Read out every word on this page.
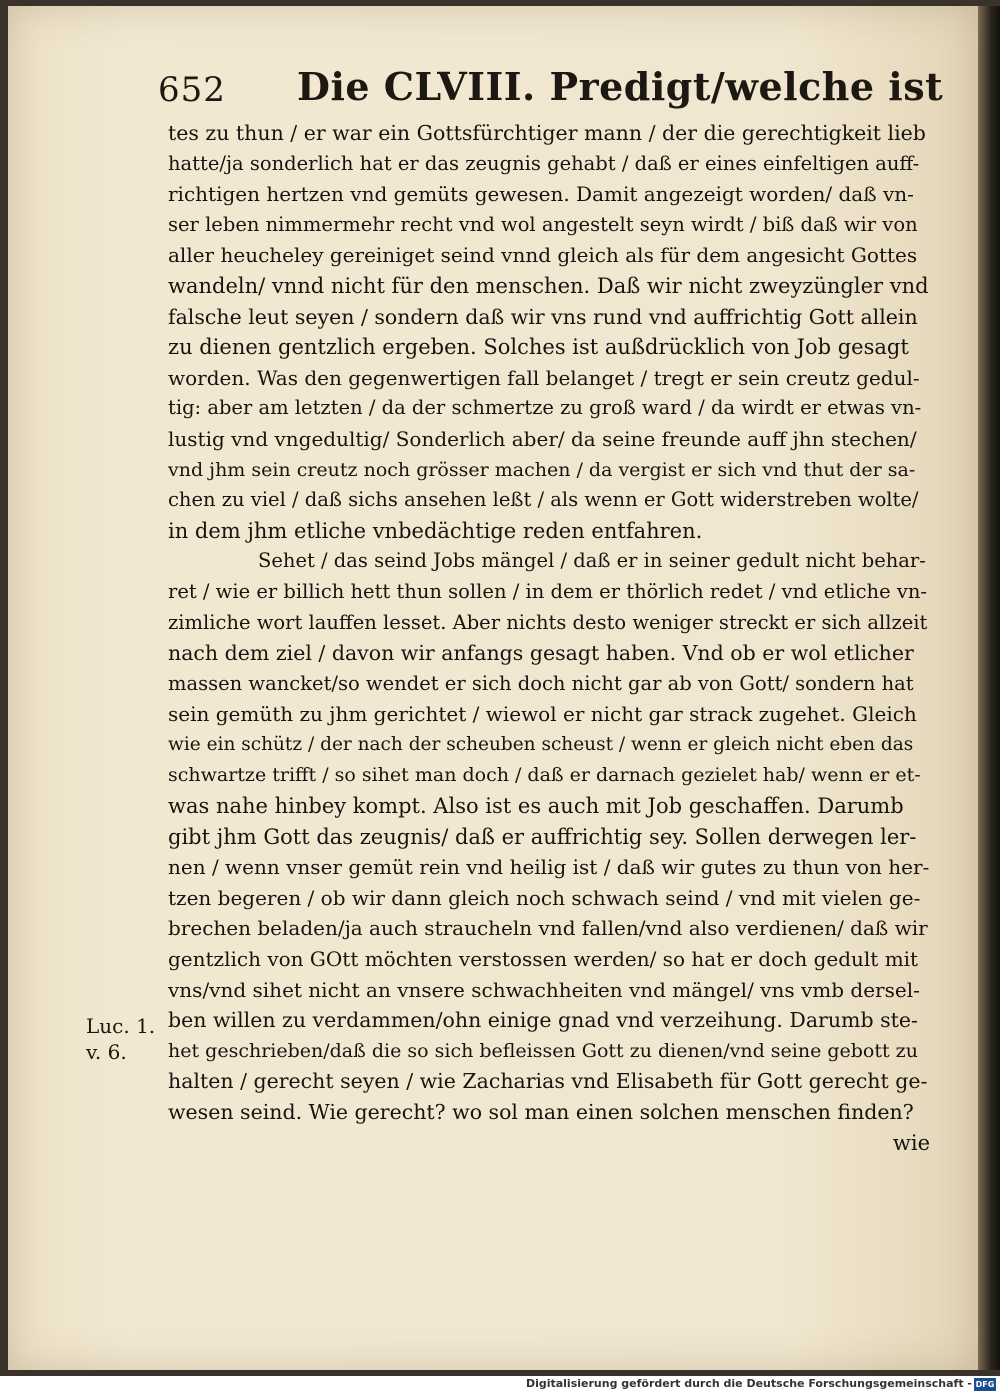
652 Die CLVIII. Predigt/welche ist
tes zu thun / er war ein Gottsfürchtiger mann / der die gerechtigkeit lieb
hatte/ja sonderlich hat er das zeugnis gehabt / daß er eines einfeltigen auff-
richtigen hertzen vnd gemüts gewesen. Damit angezeigt worden/ daß vn-
ser leben nimmermehr recht vnd wol angestelt seyn wirdt / biß daß wir von
aller heucheley gereiniget seind vnnd gleich als für dem angesicht Gottes
wandeln/ vnnd nicht für den menschen. Daß wir nicht zweyzüngler vnd
falsche leut seyen / sondern daß wir vns rund vnd auffrichtig Gott allein
zu dienen gentzlich ergeben. Solches ist außdrücklich von Job gesagt
worden. Was den gegenwertigen fall belanget / tregt er sein creutz gedul-
tig: aber am letzten / da der schmertze zu groß ward / da wirdt er etwas vn-
lustig vnd vngedultig/ Sonderlich aber/ da seine freunde auff jhn stechen/
vnd jhm sein creutz noch grösser machen / da vergist er sich vnd thut der sa-
chen zu viel / daß sichs ansehen leßt / als wenn er Gott widerstreben wolte/
in dem jhm etliche vnbedächtige reden entfahren.
Sehet / das seind Jobs mängel / daß er in seiner gedult nicht behar-
ret / wie er billich hett thun sollen / in dem er thörlich redet / vnd etliche vn-
zimliche wort lauffen lesset. Aber nichts desto weniger streckt er sich allzeit
nach dem ziel / davon wir anfangs gesagt haben. Vnd ob er wol etlicher
massen wancket/so wendet er sich doch nicht gar ab von Gott/ sondern hat
sein gemüth zu jhm gerichtet / wiewol er nicht gar strack zugehet. Gleich
wie ein schütz / der nach der scheuben scheust / wenn er gleich nicht eben das
schwartze trifft / so sihet man doch / daß er darnach gezielet hab/ wenn er et-
was nahe hinbey kompt. Also ist es auch mit Job geschaffen. Darumb
gibt jhm Gott das zeugnis/ daß er auffrichtig sey. Sollen derwegen ler-
nen / wenn vnser gemüt rein vnd heilig ist / daß wir gutes zu thun von her-
tzen begeren / ob wir dann gleich noch schwach seind / vnd mit vielen ge-
brechen beladen/ja auch straucheln vnd fallen/vnd also verdienen/ daß wir
gentzlich von GOtt möchten verstossen werden/ so hat er doch gedult mit
vns/vnd sihet nicht an vnsere schwachheiten vnd mängel/ vns vmb dersel-
ben willen zu verdammen/ohn einige gnad vnd verzeihung. Darumb ste-
het geschrieben/daß die so sich befleissen Gott zu dienen/vnd seine gebott zu
halten / gerecht seyen / wie Zacharias vnd Elisabeth für Gott gerecht ge-
wesen seind. Wie gerecht? wo sol man einen solchen menschen finden?
wie
Luc. 1.
v. 6.
Digitalisierung gefördert durch die Deutsche Forschungsgemeinschaft - DFG
